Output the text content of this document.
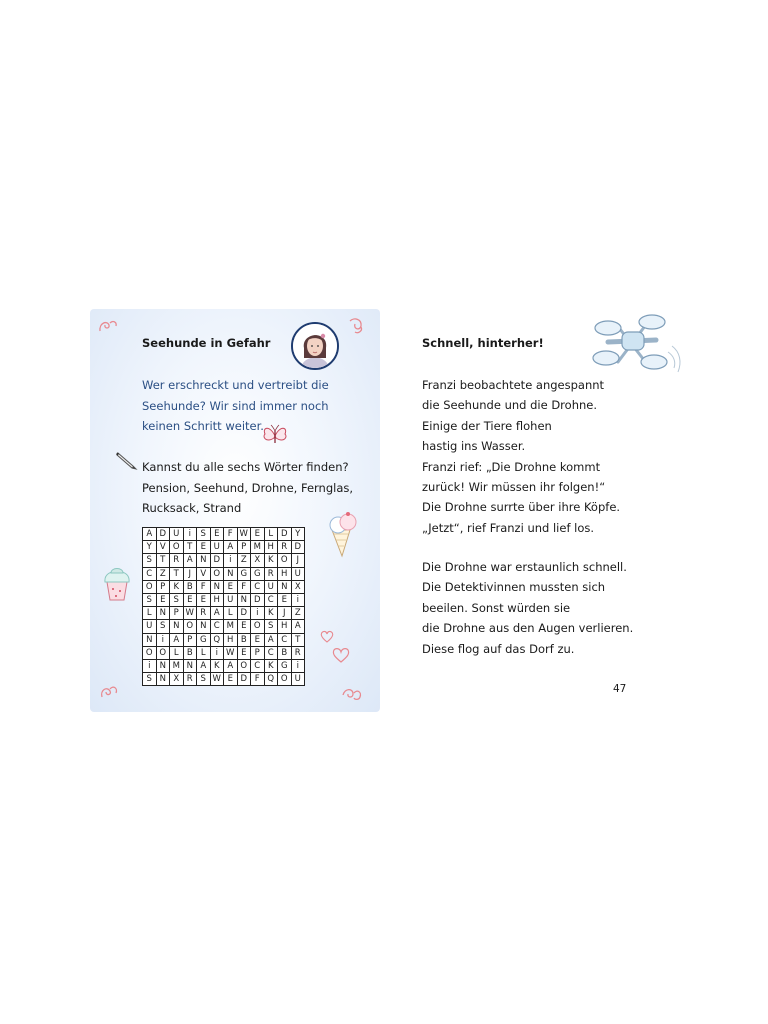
Seehunde in Gefahr
Wer erschreckt und vertreibt die
Seehunde? Wir sind immer noch
keinen Schritt weiter.
Kannst du alle sechs Wörter finden?
Pension, Seehund, Drohne, Fernglas,
Rucksack, Strand
A D U	i	S E F W E L D Y
Y V O T E U A P M H R D
S T R A N D	i	Z X K O	J
C Z T	J	V O N G G R H U
O P K B F N E F C U N X
S E S E E H U N D C E	i
L N P W R A L D	i	K	J	Z
U S N O N C M E O S H A
N	i	A P G Q H B E A C T
O O L B L	i W E P C B R
i	N M N A K A O C K G	i
S N X R S W E D F Q O U
Schnell, hinterher!
Franzi beobachtete angespannt
die Seehunde und die Drohne.
Einige der Tiere flohen
hastig ins Wasser.
Franzi rief: „Die Drohne kommt
zurück! Wir müssen ihr folgen!“
Die Drohne surrte über ihre Köpfe.
„Jetzt“, rief Franzi und lief los.
Die Drohne war erstaunlich schnell.
Die Detektivinnen mussten sich
beeilen. Sonst würden sie
die Drohne aus den Augen verlieren.
Diese flog auf das Dorf zu.
47
